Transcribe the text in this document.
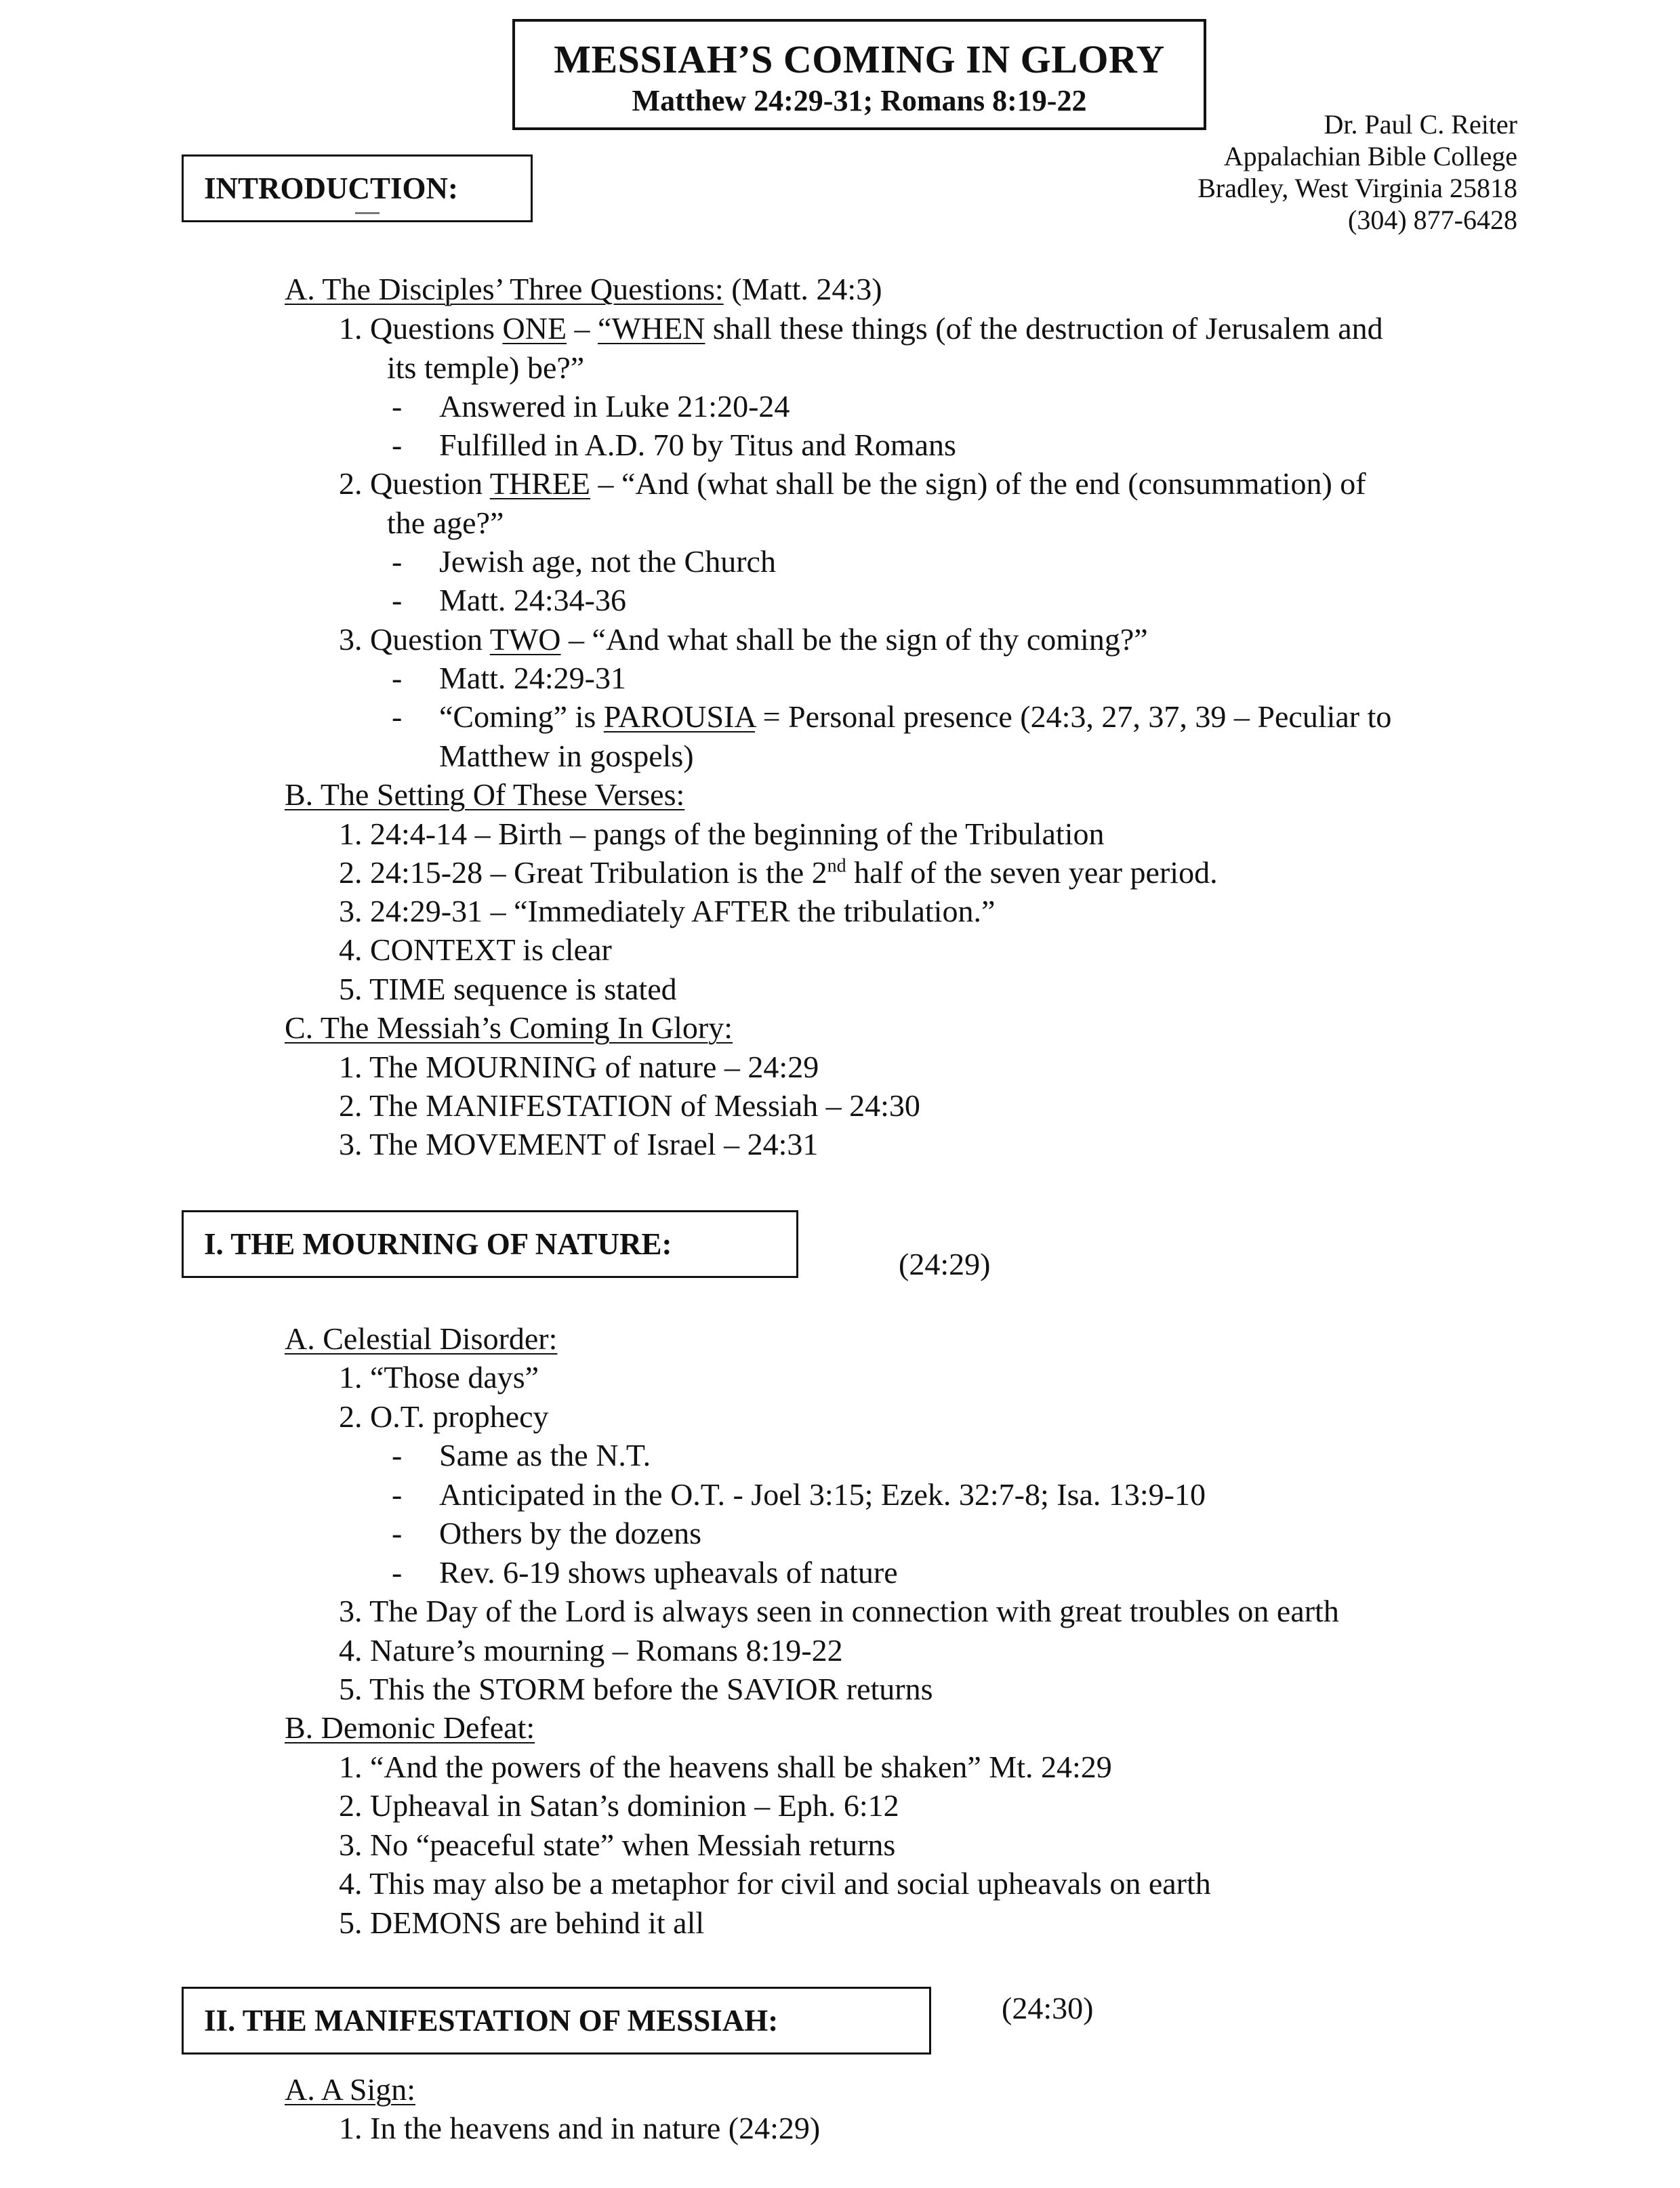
MESSIAH’S COMING IN GLORY
Matthew 24:29-31; Romans 8:19-22
Dr. Paul C. Reiter
Appalachian Bible College
Bradley, West Virginia 25818
(304) 877-6428
INTRODUCTION:
A. The Disciples’ Three Questions: (Matt. 24:3)
1. Questions ONE – “WHEN shall these things (of the destruction of Jerusalem and
its temple) be?”
- Answered in Luke 21:20-24
- Fulfilled in A.D. 70 by Titus and Romans
2. Question THREE – “And (what shall be the sign) of the end (consummation) of
the age?”
- Jewish age, not the Church
- Matt. 24:34-36
3. Question TWO – “And what shall be the sign of thy coming?”
- Matt. 24:29-31
- “Coming” is PAROUSIA = Personal presence (24:3, 27, 37, 39 – Peculiar to
Matthew in gospels)
B. The Setting Of These Verses:
1. 24:4-14 – Birth – pangs of the beginning of the Tribulation
2. 24:15-28 – Great Tribulation is the 2nd half of the seven year period.
3. 24:29-31 – “Immediately AFTER the tribulation.”
4. CONTEXT is clear
5. TIME sequence is stated
C. The Messiah’s Coming In Glory:
1. The MOURNING of nature – 24:29
2. The MANIFESTATION of Messiah – 24:30
3. The MOVEMENT of Israel – 24:31
I. THE MOURNING OF NATURE:
(24:29)
A. Celestial Disorder:
1. “Those days”
2. O.T. prophecy
- Same as the N.T.
- Anticipated in the O.T. - Joel 3:15; Ezek. 32:7-8; Isa. 13:9-10
- Others by the dozens
- Rev. 6-19 shows upheavals of nature
3. The Day of the Lord is always seen in connection with great troubles on earth
4. Nature’s mourning – Romans 8:19-22
5. This the STORM before the SAVIOR returns
B. Demonic Defeat:
1. “And the powers of the heavens shall be shaken” Mt. 24:29
2. Upheaval in Satan’s dominion – Eph. 6:12
3. No “peaceful state” when Messiah returns
4. This may also be a metaphor for civil and social upheavals on earth
5. DEMONS are behind it all
II. THE MANIFESTATION OF MESSIAH:	(24:30)
A. A Sign:
1. In the heavens and in nature (24:29)
